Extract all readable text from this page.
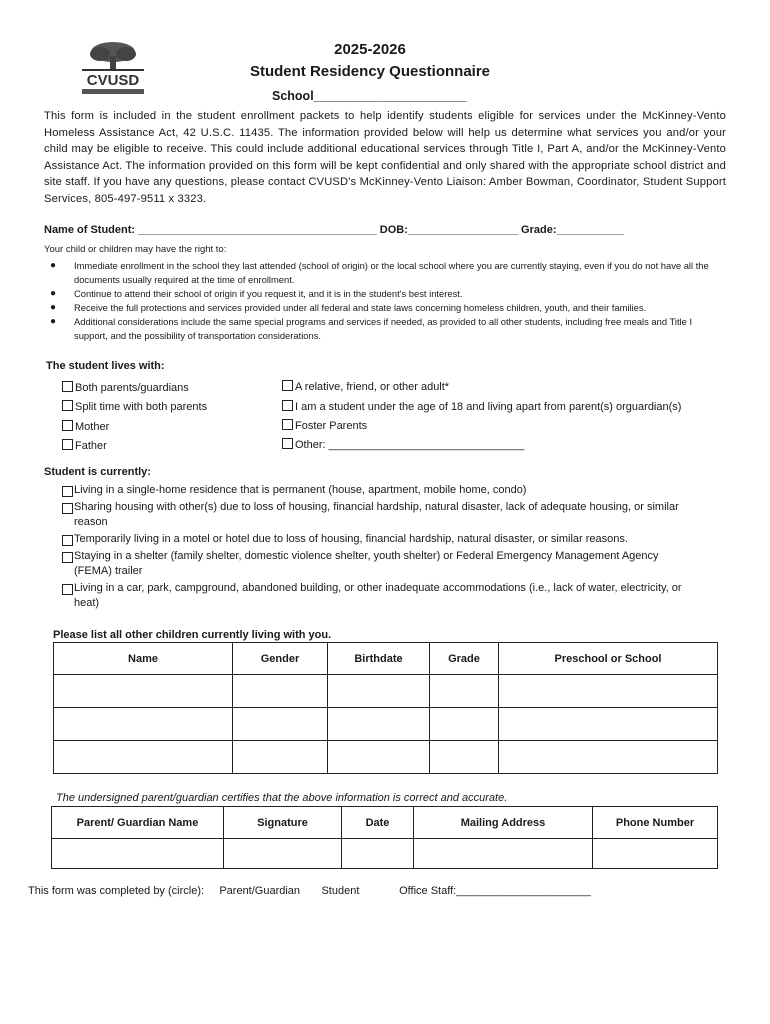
CVUSD
2025-2026
Student Residency Questionnaire
School______________________
This form is included in the student enrollment packets to help identify students eligible for services under the McKinney-Vento Homeless Assistance Act, 42 U.S.C. 11435. The information provided below will help us determine what services you and/or your child may be eligible to receive. This could include additional educational services through Title I, Part A, and/or the McKinney-Vento Assistance Act. The information provided on this form will be kept confidential and only shared with the appropriate school district and site staff. If you have any questions, please contact CVUSD's McKinney-Vento Liaison: Amber Bowman, Coordinator, Student Support Services, 805-497-9511 x 3323.
Name of Student: _______________________________________ DOB:__________________ Grade:___________
Your child or children may have the right to:
● Immediate enrollment in the school they last attended (school of origin) or the local school where you are currently staying, even if you do not have all the documents usually required at the time of enrollment.
● Continue to attend their school of origin if you request it, and it is in the student's best interest.
● Receive the full protections and services provided under all federal and state laws concerning homeless children, youth, and their families.
● Additional considerations include the same special programs and services if needed, as provided to all other students, including free meals and Title I support, and the possibility of transportation considerations.
The student lives with:
Both parents/guardians
Split time with both parents
Mother
Father
A relative, friend, or other adult*
I am a student under the age of 18 and living apart from parent(s) orguardian(s)
Foster Parents
Other: ________________________________
Student is currently:
Living in a single-home residence that is permanent (house, apartment, mobile home, condo)
Sharing housing with other(s) due to loss of housing, financial hardship, natural disaster, lack of adequate housing, or similar reason
Temporarily living in a motel or hotel due to loss of housing, financial hardship, natural disaster, or similar reasons.
Staying in a shelter (family shelter, domestic violence shelter, youth shelter) or Federal Emergency Management Agency (FEMA) trailer
Living in a car, park, campground, abandoned building, or other inadequate accommodations (i.e., lack of water, electricity, or heat)
Please list all other children currently living with you.
Name	Gender	Birthdate	Grade	Preschool or School

The undersigned parent/guardian certifies that the above information is correct and accurate.
Parent/ Guardian Name	Signature	Date	Mailing Address	Phone Number

This form was completed by (circle): Parent/Guardian Student	Office Staff:______________________
